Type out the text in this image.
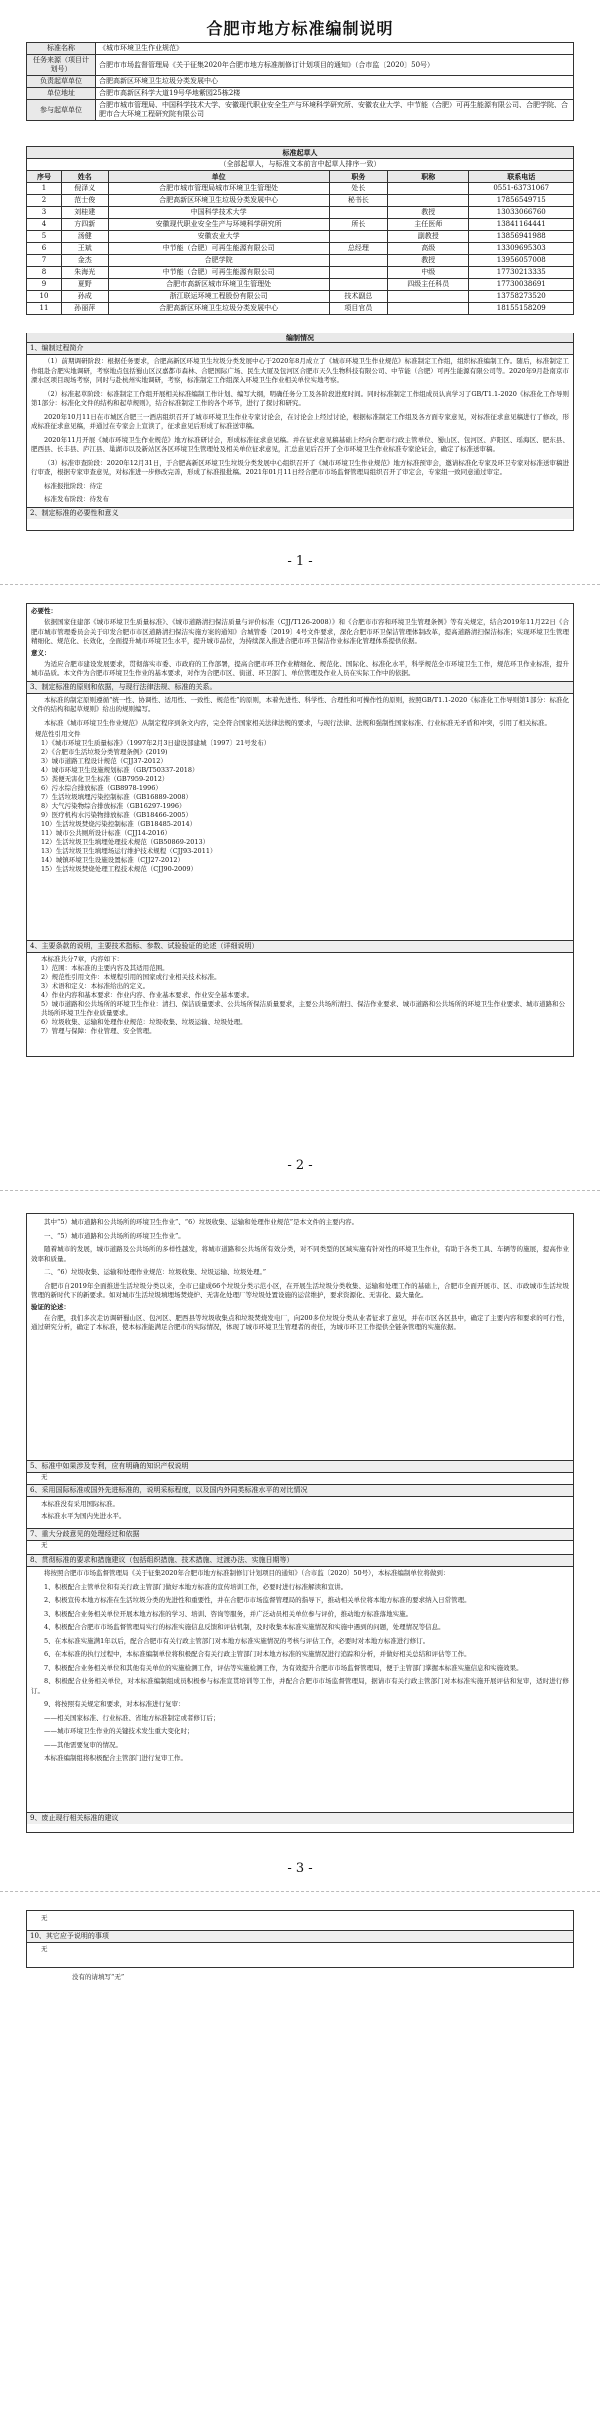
合肥市地方标准编制说明
标准名称	《城市环境卫生作业规范》
任务来源（项目计划号）	合肥市市场监督管理局《关于征集2020年合肥市地方标准制修订计划项目的通知》（合市监〔2020〕50号）
负责起草单位	合肥高新区环境卫生垃圾分类发展中心
单位地址	合肥市高新区科学大道19号华地紫园25栋2楼
参与起草单位	合肥市城市管理局、中国科学技术大学、安徽现代职业安全生产与环境科学研究所、安徽农业大学、中节能（合肥）可再生能源有限公司、合肥学院、合肥市合大环境工程研究院有限公司
标准起草人					
（全部起草人，与标准文本前言中起草人排序一致）					
序号	姓名	单位	职务	职称	联系电话
1	倪泽义	合肥市城市管理局城市环境卫生管理处	处长		0551-63731067
2	范士俊	合肥高新区环境卫生垃圾分类发展中心	秘书长		17856549715
3	刘桂建	中国科学技术大学		教授	13033066760
4	方四新	安徽现代职业安全生产与环境科学研究所	所长	主任医师	13841164441
5	汤健	安徽农业大学		副教授	13856941988
6	王斌	中节能（合肥）可再生能源有限公司	总经理	高级	13309695303
7	金杰	合肥学院		教授	13956057008
8	朱海光	中节能（合肥）可再生能源有限公司		中级	17730213335
9	夏野	合肥市高新区城市环境卫生管理处		四级主任科员	17730038691
10	孙成	浙江联运环境工程股份有限公司	技术副总		13758273520
11	孙丽萍	合肥高新区环境卫生垃圾分类发展中心	项目官员		18155158209
编制情况
1、编制过程简介
（1）前期调研阶段：根据任务要求，合肥高新区环境卫生垃圾分类发展中心于2020年8月成立了《城市环境卫生作业规范》标准制定工作组，组织标准编制工作。随后，标准制定工作组赴合肥实地调研，考察地点包括蜀山区汉嘉都市森林、合肥国际广场、民生大厦及包河区合肥市天久生物科技有限公司、中节能（合肥）可再生能源有限公司等。2020年9月赴南京市溧水区项目现场考察，同时与赴杭州实地调研，考察，标准制定工作组深入环境卫生作业相关单位实地考察。
（2）标准起草阶段：标准制定工作组开展相关标准编制工作计划、编写大纲，明确任务分工及各阶段进度时间。同时标准制定工作组成员认真学习了GB/T1.1-2020《标准化工作导则第1部分：标准化文件的结构和起草规则》，结合标准制定工作的各个环节，进行了探讨和研究。
2020年10月11日在市城区合肥三一酒店组织召开了城市环境卫生作业专家讨论会，在讨论会上经过讨论，根据标准制定工作组及各方面专家意见，对标准征求意见稿进行了修改，形成标准征求意见稿，并通过在专家会上宣读了，征求意见后形成了标准送审稿。
2020年11月开展《城市环境卫生作业规范》地方标准研讨会，形成标准征求意见稿。并在征求意见稿基础上经向合肥市行政主管单位、蜀山区、包河区、庐阳区、瑶海区、肥东县、肥西县、长丰县、庐江县、巢湖市以及新站区各区环境卫生管理处及相关单位征求意见，汇总意见后召开了全市环境卫生作业标准专家论证会，确定了标准送审稿。
（3）标准审查阶段：2020年12月31日，于合肥高新区环境卫生垃圾分类发展中心组织召开了《城市环境卫生作业规范》地方标准预审会，邀请标准化专家及环卫专家对标准送审稿进行审查，根据专家审查意见，对标准进一步修改完善，形成了标准报批稿。2021年01月11日经合肥市市场监督管理局组织召开了审定会，专家组一致同意通过审定。
标准报批阶段：待定
标准发布阶段：待发布
2、制定标准的必要性和意义
- 1 -
必要性：
依据国家住建部《城市环境卫生质量标准》、《城市道路清扫保洁质量与评价标准（CJJ/T126-2008）》和《合肥市市容和环境卫生管理条例》等有关规定，结合2019年11月22日《合肥市城市管理委员会关于印发合肥市市区道路清扫保洁实施方案的通知》合城管委〔2019〕4号文件要求，深化合肥市环卫保洁管理体制改革，提高道路清扫保洁标准；实现环境卫生管理精细化、规范化、长效化，全面提升城市环境卫生水平，提升城市品位，为持续深入推进合肥市环卫保洁作业标准化管理体系提供依据。
意义：
为适应合肥市建设发展要求，贯彻落实市委、市政府的工作部署，提高合肥市环卫作业精细化、规范化、国际化、标准化水平，科学规范全市环境卫生工作，规范环卫作业标准，提升城市品质。本文件为合肥市环境卫生作业的基本要求，对作为合肥市区、街道、环卫部门、单位管理及作业人员在实际工作中的依据。
3、制定标准的原则和依据，与现行法律法规、标准的关系。
本标准的制定原则遵循“统一性、协调性、适用性、一致性、规范性”的原则，本着先进性、科学性、合理性和可操作性的原则，按照GB/T1.1-2020《标准化工作导则第1部分：标准化文件的结构和起草规则》给出的规则编写。
本标准《城市环境卫生作业规范》从制定程序到条文内容，完全符合国家相关法律法规的要求，与现行法律、法规和强制性国家标准、行业标准无矛盾和冲突，引用了相关标准。
规范性引用文件
1）《城市环境卫生质量标准》（1997年2月3日建设部建城〔1997〕21号发布）
2）《合肥市生活垃圾分类管理条例》(2019)
3）城市道路工程设计规范（CJJ37-2012）
4）城市环境卫生设施规划标准（GB/T50337-2018）
5）粪便无害化卫生标准（GB7959-2012）
6）污水综合排放标准（GB8978-1996）
7）生活垃圾填埋污染控制标准（GB16889-2008）
8）大气污染物综合排放标准（GB16297-1996）
9）医疗机构水污染物排放标准（GB18466-2005）
10）生活垃圾焚烧污染控制标准（GB18485-2014）
11）城市公共厕所设计标准（CJJ14-2016）
12）生活垃圾卫生填埋处理技术规范（GB50869-2013）
13）生活垃圾卫生填埋场运行维护技术规程（CJJ93-2011）
14）城镇环境卫生设施设置标准（CJJ27-2012）
15）生活垃圾焚烧处理工程技术规范（CJJ90-2009）
4、主要条款的说明，主要技术指标、参数、试验验证的论述（详细说明）
本标准共分7章，内容如下：
1）范围：本标准的主要内容及其适用范围。
2）规范性引用文件：本规程引用的国家或行业相关技术标准。
3）术语和定义：本标准给出的定义。
4）作业内容和基本要求：作业内容、作业基本要求、作业安全基本要求。
5）城市道路和公共场所的环境卫生作业：清扫、保洁质量要求、公共场所保洁质量要求，主要公共场所清扫、保洁作业要求、城市道路和公共场所的环境卫生作业要求、城市道路和公共场所环境卫生作业质量要求。
6）垃圾收集、运输和处理作业规范：垃圾收集、垃圾运输、垃圾处理。
7）管理与保障：作业管理、安全管理。
- 2 -
其中“5）城市道路和公共场所的环境卫生作业”、“6）垃圾收集、运输和处理作业规范”是本文件的主要内容。
一、“5）城市道路和公共场所的环境卫生作业”。
随着城市的发展，城市道路及公共场所的多样性越发，将城市道路和公共场所有效分类，对不同类型的区域实施有针对性的环境卫生作业，有助于各类工具、车辆等的施展，提高作业效率和质量。
二、“6）垃圾收集、运输和处理作业规范：垃圾收集、垃圾运输、垃圾处理。”
合肥市自2019年全面推进生活垃圾分类以来，全市已建成66个垃圾分类示范小区，在开展生活垃圾分类收集、运输和处理工作的基础上，合肥市全面开展市、区、市政城市生活垃圾管理的新时代下的新要求。如对城市生活垃圾填埋场焚烧炉、无害化处理厂等垃圾处置设施的运营维护，要求资源化、无害化、最大量化。
验证的论述：
在合肥，我们多次走访调研蜀山区、包河区、肥西县等垃圾收集点和垃圾焚烧发电厂，向200多位垃圾分类从业者征求了意见，并在市区各区县中，确定了主要内容和要求的可行性，通过研究分析，确定了本标准，使本标准能满足合肥市的实际情况，体现了城市环境卫生管理者的责任，为城市环卫工作提供全链条管理的实施依据。
5、标准中如果涉及专利，应有明确的知识产权说明
无
6、采用国际标准或国外先进标准的，说明采标程度，以及国内外同类标准水平的对比情况
本标准没有采用国际标准。
本标准水平为国内先进水平。
7、重大分歧意见的处理经过和依据
无
8、贯彻标准的要求和措施建议（包括组织措施、技术措施、过渡办法、实施日期等）
将按照合肥市市场监督管理局《关于征集2020年合肥市地方标准制修订计划项目的通知》（合市监〔2020〕50号），本标准编制单位将做到：
1、积极配合主管单位和有关行政主管部门做好本地方标准的宣传培训工作，必要时进行标准解读和宣讲。
2、积极宣传本地方标准在生活垃圾分类的先进性和重要性，并在合肥市市场监督管理局的指导下，推动相关单位将本地方标准的要求纳入日常管理。
3、积极配合业务相关单位开展本地方标准的学习、培训、咨询等服务，并广泛动员相关单位参与评价，推动地方标准落地实施。
4、积极配合合肥市市场监督管理局实行的标准实施信息反馈和评估机制，及时收集本标准实施情况和实施中遇到的问题，处理情况等信息。
5、在本标准实施满1年以后，配合合肥市有关行政主管部门对本地方标准实施情况的考核与评估工作，必要时对本地方标准进行修订。
6、在本标准的执行过程中，本标准编制单位将积极配合有关行政主管部门对本地方标准的实施情况进行追踪和分析，并做好相关总结和评估等工作。
7、积极配合业务相关单位和其他有关单位的实施检测工作，评估等实施检测工作，为有效提升合肥市市场监督管理局，便于主管部门掌握本标准实施信息和实施效果。
8、积极配合业务相关单位，对本标准编制组成员积极参与标准宣贯培训等工作，并配合合肥市市场监督管理局，据请市有关行政主管部门对本标准实施开展评估和复审，适时进行修订。
9、将按照有关规定和要求，对本标准进行复审：
——相关国家标准、行业标准、省地方标准制定或者修订后；
——城市环境卫生作业的关键技术发生重大变化时；
——其他需要复审的情况。
本标准编制组将积极配合主管部门进行复审工作。
9、废止现行相关标准的建议
- 3 -
无
10、其它应予说明的事项
无
没有的请填写“无”
